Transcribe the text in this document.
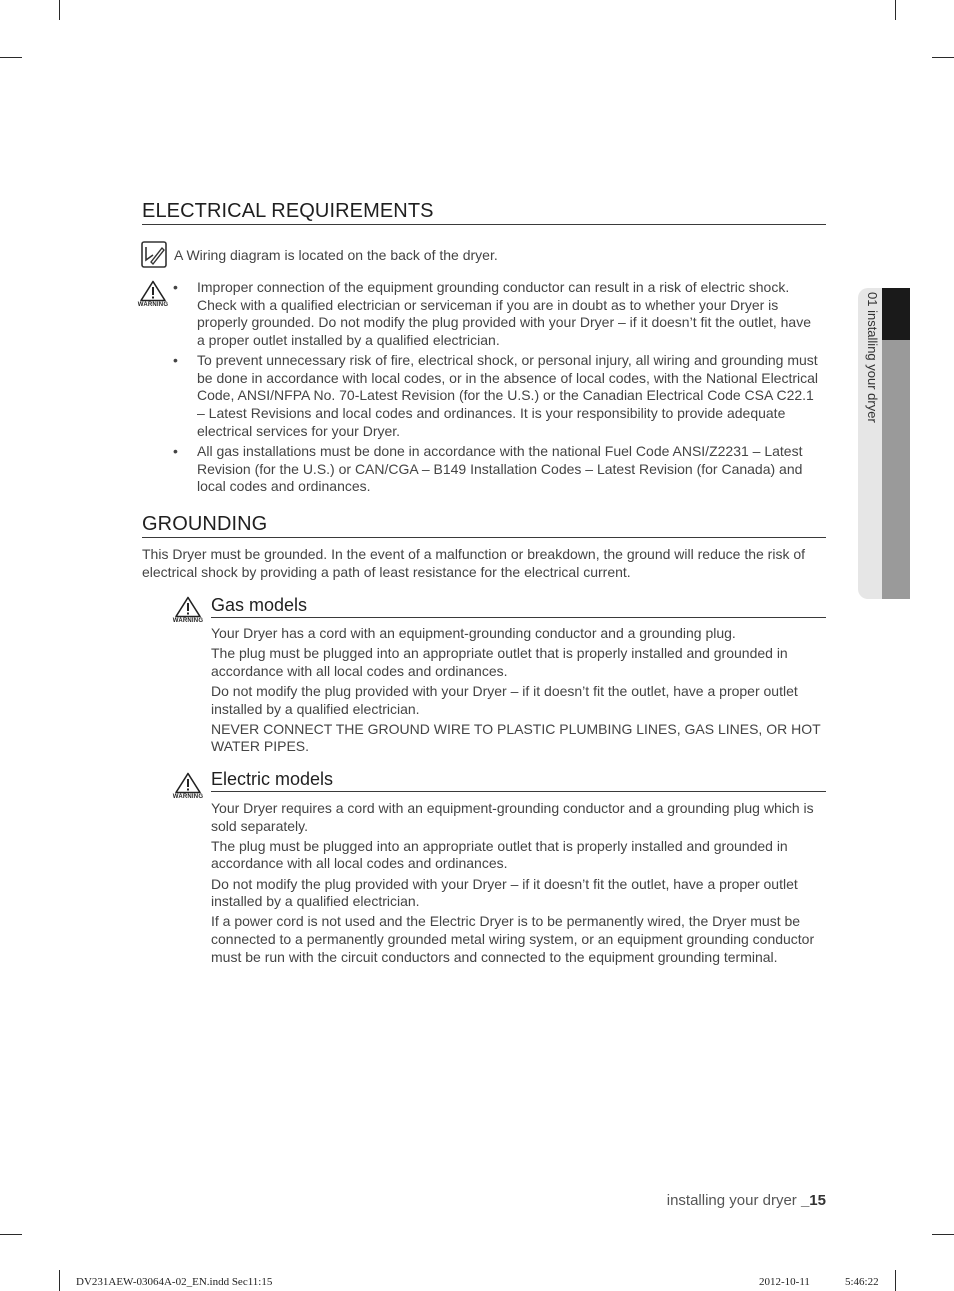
01 installing your dryer
ELECTRICAL REQUIREMENTS
A Wiring diagram is located on the back of the dryer.
WARNING
• Improper connection of the equipment grounding conductor can result in a risk of electric shock. Check with a qualified electrician or serviceman if you are in doubt as to whether your Dryer is properly grounded. Do not modify the plug provided with your Dryer – if it doesn’t fit the outlet, have a proper outlet installed by a qualified electrician.
• To prevent unnecessary risk of fire, electrical shock, or personal injury, all wiring and grounding must be done in accordance with local codes, or in the absence of local codes, with the National Electrical Code, ANSI/NFPA No. 70-Latest Revision (for the U.S.) or the Canadian Electrical Code CSA C22.1 – Latest Revisions and local codes and ordinances. It is your responsibility to provide adequate electrical services for your Dryer.
• All gas installations must be done in accordance with the national Fuel Code ANSI/Z2231 – Latest Revision (for the U.S.) or CAN/CGA – B149 Installation Codes – Latest Revision (for Canada) and local codes and ordinances.
GROUNDING
This Dryer must be grounded. In the event of a malfunction or breakdown, the ground will reduce the risk of electrical shock by providing a path of least resistance for the electrical current.
WARNING
Gas models

Your Dryer has a cord with an equipment-grounding conductor and a grounding plug.

The plug must be plugged into an appropriate outlet that is properly installed and grounded in accordance with all local codes and ordinances.

Do not modify the plug provided with your Dryer – if it doesn’t fit the outlet, have a proper outlet installed by a qualified electrician.

NEVER CONNECT THE GROUND WIRE TO PLASTIC PLUMBING LINES, GAS LINES, OR HOT WATER PIPES.

WARNING
Electric models

Your Dryer requires a cord with an equipment-grounding conductor and a grounding plug which is sold separately.

The plug must be plugged into an appropriate outlet that is properly installed and grounded in accordance with all local codes and ordinances.

Do not modify the plug provided with your Dryer – if it doesn’t fit the outlet, have a proper outlet installed by a qualified electrician.

If a power cord is not used and the Electric Dryer is to be permanently wired, the Dryer must be connected to a permanently grounded metal wiring system, or an equipment grounding conductor must be run with the circuit conductors and connected to the equipment grounding terminal.

installing your dryer _15
DV231AEW-03064A-02_EN.indd Sec11:15	2012-10-11	5:46:22
